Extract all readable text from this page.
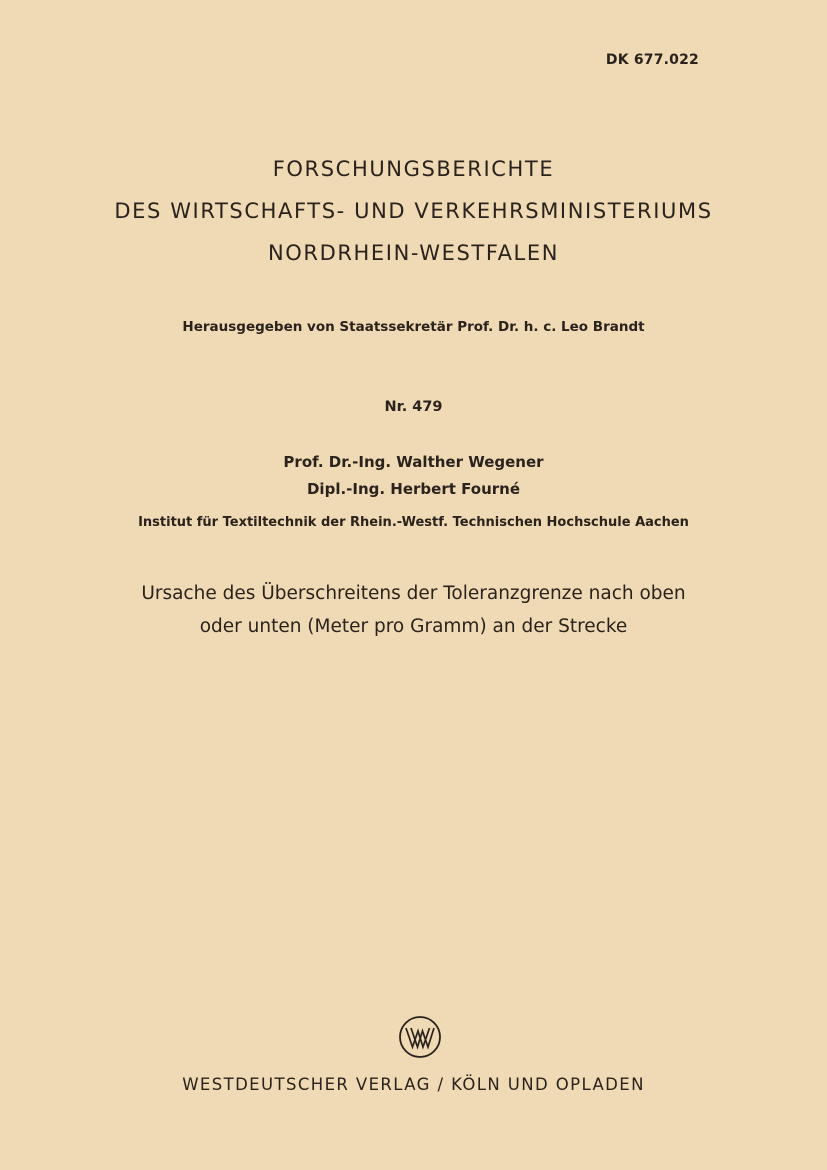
DK 677.022
FORSCHUNGSBERICHTE
DES WIRTSCHAFTS- UND VERKEHRSMINISTERIUMS
NORDRHEIN-WESTFALEN
Herausgegeben von Staatssekretär Prof. Dr. h. c. Leo Brandt
Nr. 479
Prof. Dr.-Ing. Walther Wegener
Dipl.-Ing. Herbert Fourné
Institut für Textiltechnik der Rhein.-Westf. Technischen Hochschule Aachen
Ursache des Überschreitens der Toleranzgrenze nach oben
oder unten (Meter pro Gramm) an der Strecke
WESTDEUTSCHER VERLAG / KÖLN UND OPLADEN
